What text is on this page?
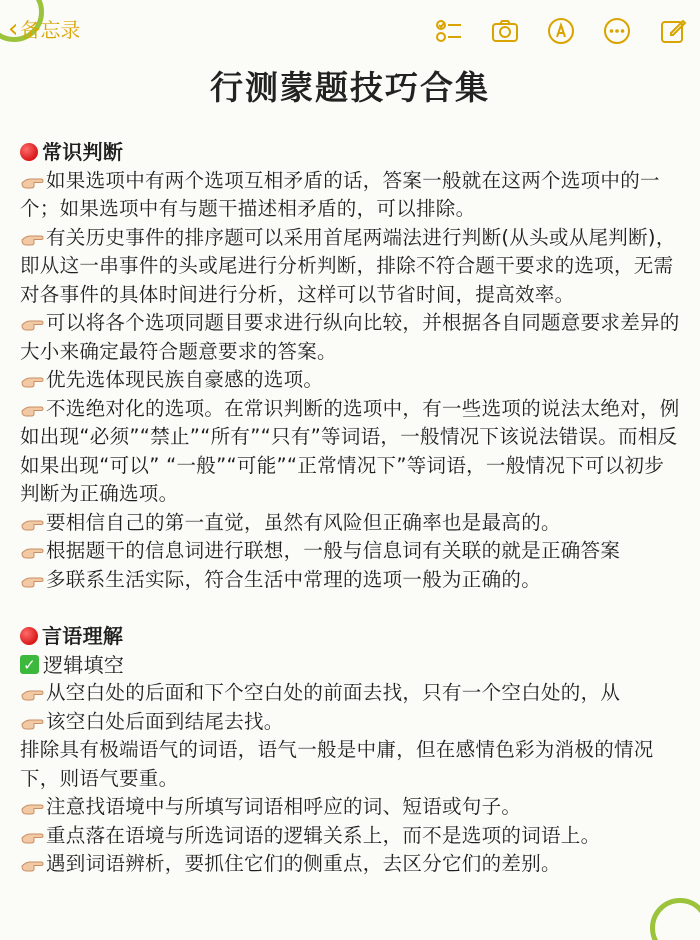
‹ 备忘录
行测蒙题技巧合集
常识判断

如果选项中有两个选项互相矛盾的话，答案一般就在这两个选项中的一个；如果选项中有与题干描述相矛盾的，可以排除。

有关历史事件的排序题可以采用首尾两端法进行判断(从头或从尾判断)，即从这一串事件的头或尾进行分析判断，排除不符合题干要求的选项，无需对各事件的具体时间进行分析，这样可以节省时间，提高效率。

可以将各个选项同题目要求进行纵向比较，并根据各自同题意要求差异的大小来确定最符合题意要求的答案。

优先选体现民族自豪感的选项。

不选绝对化的选项。在常识判断的选项中，有一些选项的说法太绝对，例如出现“必须”“禁止”“所有”“只有”等词语，一般情况下该说法错误。而相反如果出现“可以” “一般”“可能”“正常情况下”等词语，一般情况下可以初步判断为正确选项。

要相信自己的第一直觉，虽然有风险但正确率也是最高的。

根据题干的信息词进行联想，一般与信息词有关联的就是正确答案

多联系生活实际，符合生活中常理的选项一般为正确的。

言语理解
✓ 逻辑填空

从空白处的后面和下个空白处的前面去找，只有一个空白处的，从

该空白处后面到结尾去找。

排除具有极端语气的词语，语气一般是中庸，但在感情色彩为消极的情况下，则语气要重。

注意找语境中与所填写词语相呼应的词、短语或句子。

重点落在语境与所选词语的逻辑关系上，而不是选项的词语上。

遇到词语辨析，要抓住它们的侧重点，去区分它们的差别。
